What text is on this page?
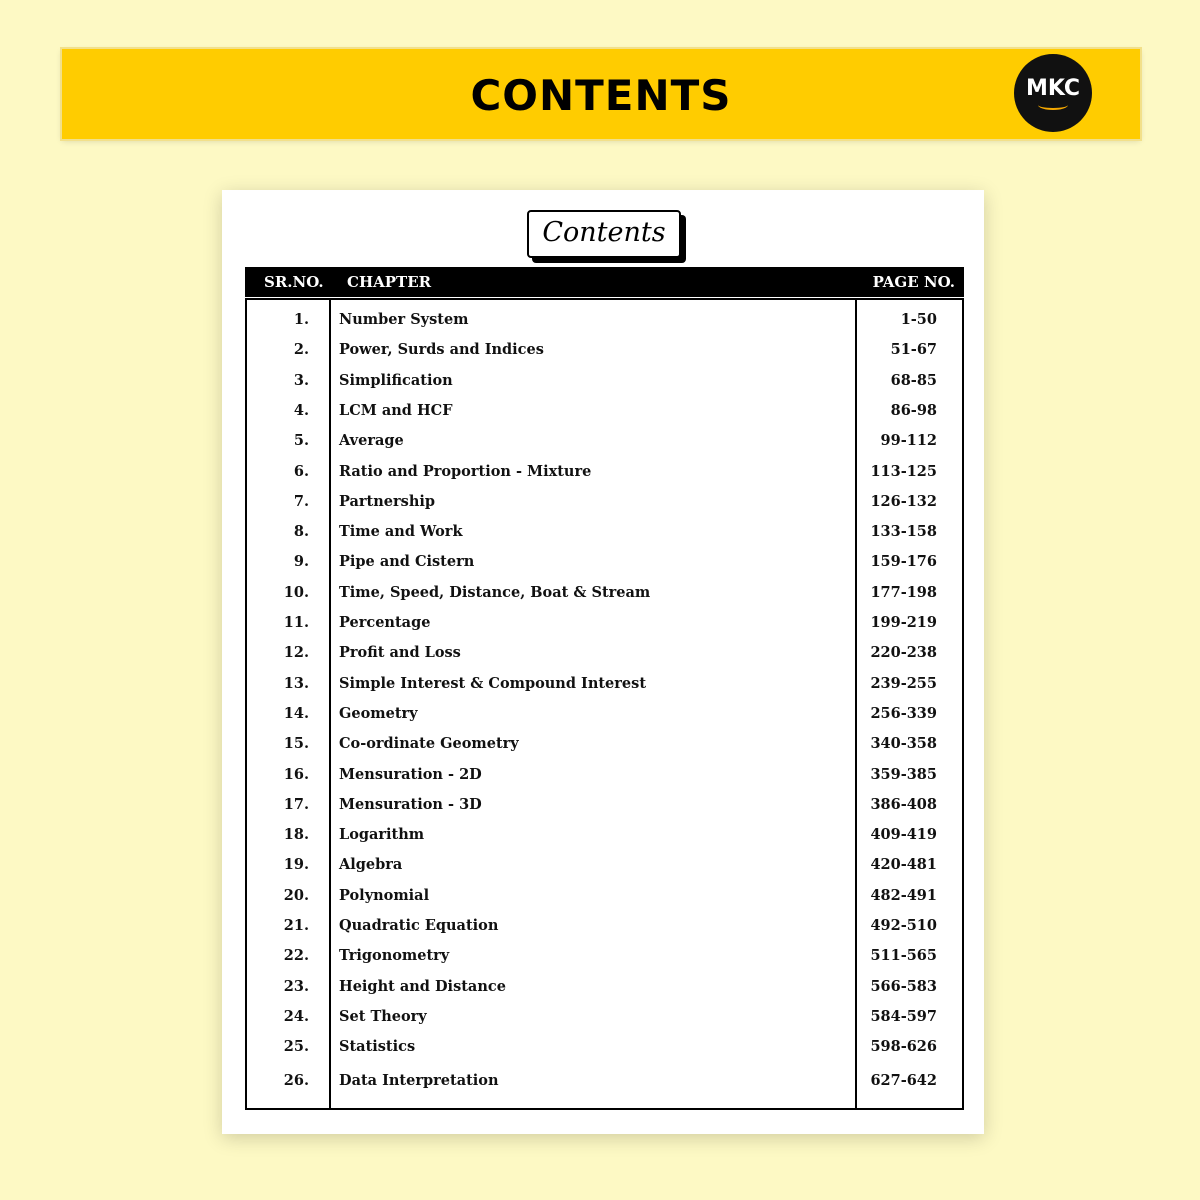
CONTENTS	MKC
Contents
SR.NO. CHAPTER	PAGE NO.
1. Number System	1-50
2. Power, Surds and Indices	51-67
3. Simplification	68-85
4. LCM and HCF	86-98
5. Average	99-112
6. Ratio and Proportion - Mixture	113-125
7. Partnership	126-132
8. Time and Work	133-158
9. Pipe and Cistern	159-176
10. Time, Speed, Distance, Boat & Stream	177-198
11. Percentage	199-219
12. Profit and Loss	220-238
13. Simple Interest & Compound Interest	239-255
14. Geometry	256-339
15. Co-ordinate Geometry	340-358
16. Mensuration - 2D	359-385
17. Mensuration - 3D	386-408
18. Logarithm	409-419
19. Algebra	420-481
20. Polynomial	482-491
21. Quadratic Equation	492-510
22. Trigonometry	511-565
23. Height and Distance	566-583
24. Set Theory	584-597
25. Statistics	598-626
26. Data Interpretation	627-642
